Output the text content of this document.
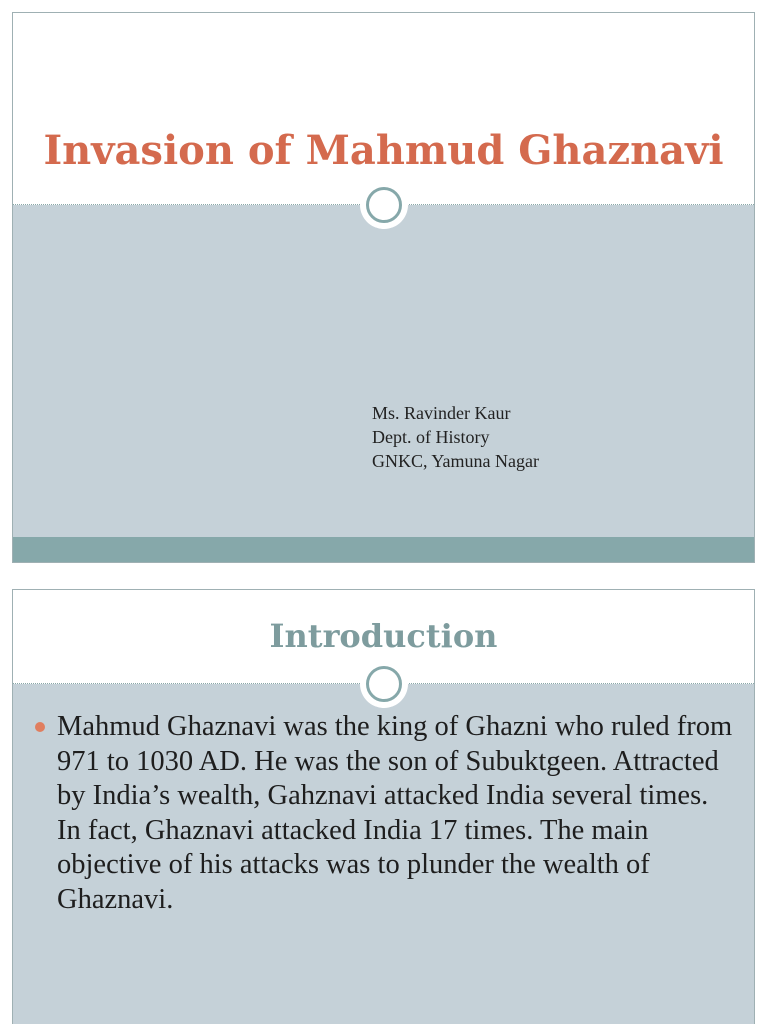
Invasion of Mahmud Ghaznavi
Ms. Ravinder Kaur
Dept. of History
GNKC, Yamuna Nagar
Introduction

Mahmud Ghaznavi was the king of Ghazni who ruled from 971 to 1030 AD. He was the son of Subuktgeen. Attracted by India’s wealth, Gahznavi attacked India several times. In fact, Ghaznavi attacked India 17 times. The main objective of his attacks was to plunder the wealth of Ghaznavi.
